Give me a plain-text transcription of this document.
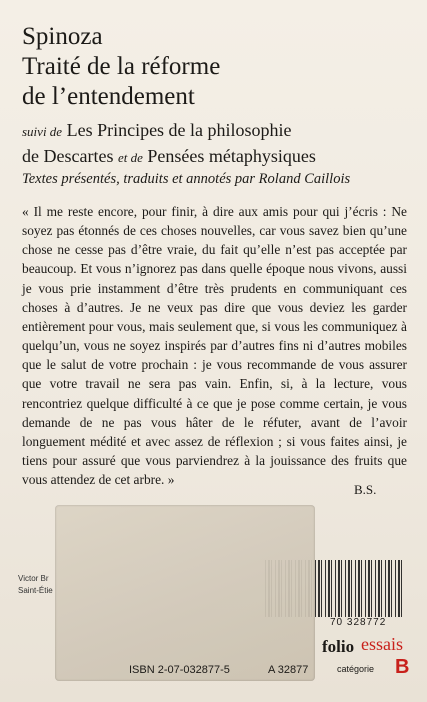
Spinoza
Traité de la réforme
de l’entendement
suivi de Les Principes de la philosophie
de Descartes et de Pensées métaphysiques
Textes présentés, traduits et annotés par Roland Caillois
« Il me reste encore, pour finir, à dire aux amis pour qui j’écris : Ne soyez pas étonnés de ces choses nouvelles, car vous savez bien qu’une chose ne cesse pas d’être vraie, du fait qu’elle n’est pas acceptée par beaucoup. Et vous n’ignorez pas dans quelle époque nous vivons, aussi je vous prie instamment d’être très prudents en communiquant ces choses à d’autres. Je ne veux pas dire que vous deviez les garder entièrement pour vous, mais seulement que, si vous les communiquez à quelqu’un, vous ne soyez inspirés par d’autres fins ni d’autres mobiles que le salut de votre prochain : je vous recommande de vous assurer que votre travail ne sera pas vain. Enfin, si, à la lecture, vous rencontriez quelque difficulté à ce que je pose comme certain, je vous demande de ne pas vous hâter de le réfuter, avant de l’avoir longuement médité et avec assez de réflexion ; si vous faites ainsi, je tiens pour assuré que vous parviendrez à la jouissance des fruits que vous attendez de cet arbre. »
B.S.
Victor Br
Saint-Étie
70 328772
folio essais
ISBN 2-07-032877-5	A 32877	catégorie B
